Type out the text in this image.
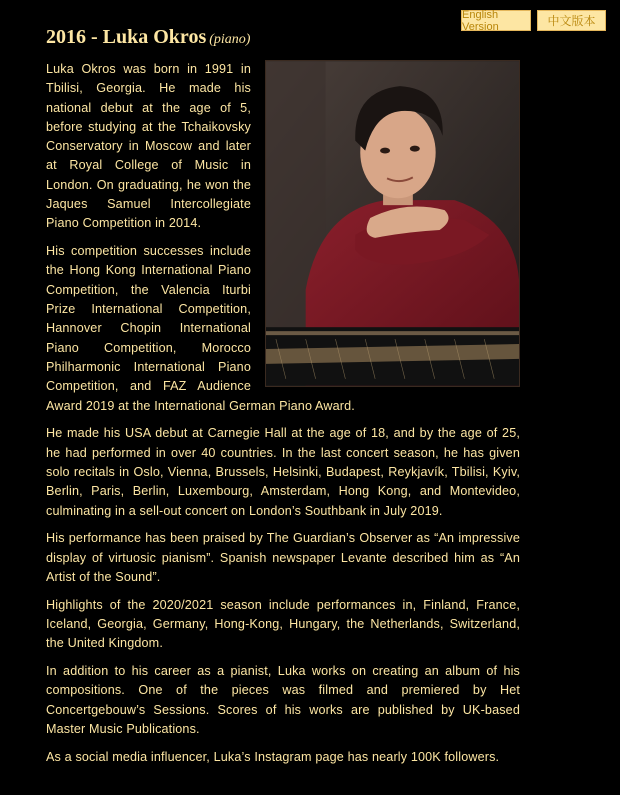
English Version	中文版本
2016 - Luka Okros (piano)

Luka Okros was born in 1991 in Tbilisi, Georgia. He made his national debut at the age of 5, before studying at the Tchaikovsky Conservatory in Moscow and later at Royal College of Music in London. On graduating, he won the Jaques Samuel Intercollegiate Piano Competition in 2014.

His competition successes include the Hong Kong International Piano Competition, the Valencia Iturbi Prize International Competition, Hannover Chopin International Piano Competition, Morocco Philharmonic International Piano Competition, and FAZ Audience Award 2019 at the International German Piano Award.

He made his USA debut at Carnegie Hall at the age of 18, and by the age of 25, he had performed in over 40 countries. In the last concert season, he has given solo recitals in Oslo, Vienna, Brussels, Helsinki, Budapest, Reykjavík, Tbilisi, Kyiv, Berlin, Paris, Berlin, Luxembourg, Amsterdam, Hong Kong, and Montevideo, culminating in a sell-out concert on London’s Southbank in July 2019.

His performance has been praised by The Guardian’s Observer as “An impressive display of virtuosic pianism”. Spanish newspaper Levante described him as “An Artist of the Sound”.

Highlights of the 2020/2021 season include performances in, Finland, France, Iceland, Georgia, Germany, Hong-Kong, Hungary, the Netherlands, Switzerland, the United Kingdom.

In addition to his career as a pianist, Luka works on creating an album of his compositions. One of the pieces was filmed and premiered by Het Concertgebouw’s Sessions. Scores of his works are published by UK-based Master Music Publications.

As a social media influencer, Luka’s Instagram page has nearly 100K followers.
